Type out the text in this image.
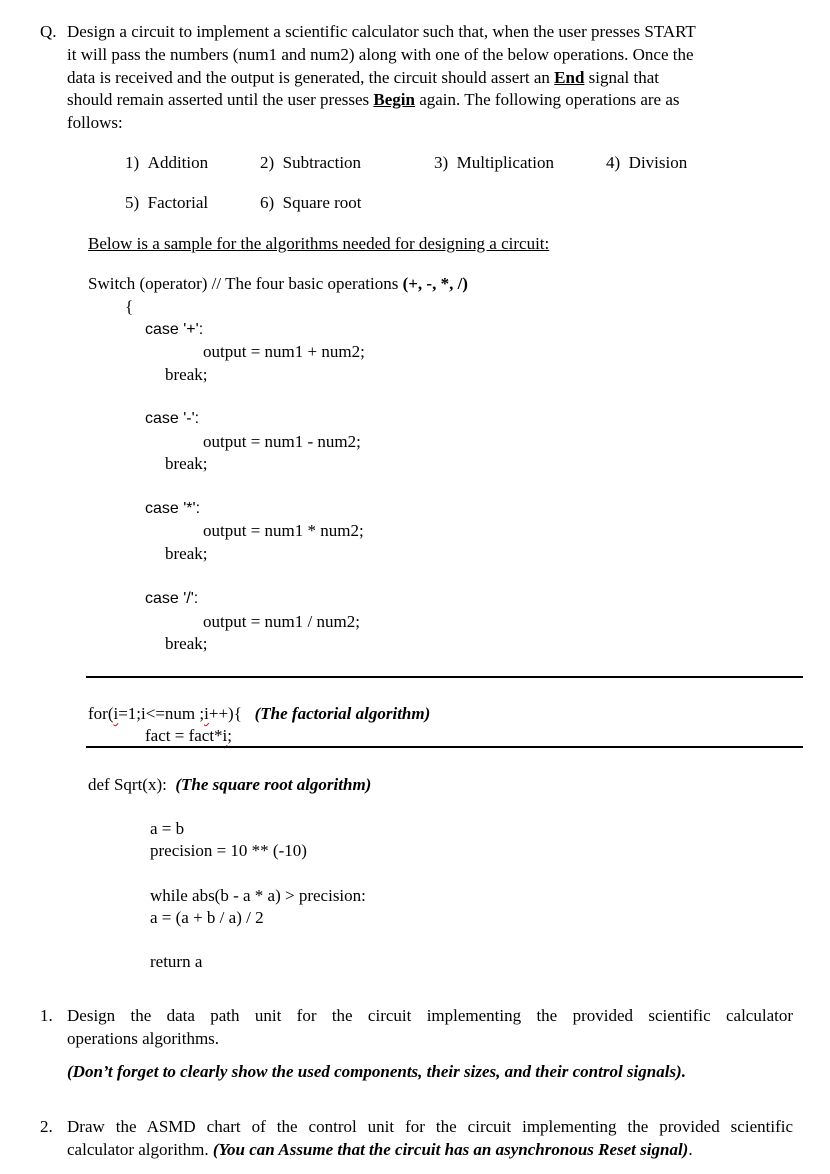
Q. Design a circuit to implement a scientific calculator such that, when the user presses START
it will pass the numbers (num1 and num2) along with one of the below operations. Once the
data is received and the output is generated, the circuit should assert an End signal that
should remain asserted until the user presses Begin again. The following operations are as
follows:
1) Addition	2) Subtraction	3) Multiplication	4) Division
5) Factorial	6) Square root
Below is a sample for the algorithms needed for designing a circuit:
Switch (operator) // The four basic operations (+, -, *, /)
{
case '+':
output = num1 + num2;
break;
case '-':
output = num1 - num2;
break;
case '*':
output = num1 * num2;
break;
case '/':
output = num1 / num2;
break;
for(i=1;i<=num ;i++){ (The factorial algorithm)
fact = fact*i;
def Sqrt(x): (The square root algorithm)
a = b
precision = 10 ** (-10)
while abs(b - a * a) > precision:
a = (a + b / a) / 2
return a
1. Design the data path unit for the circuit implementing the provided scientific calculator
operations algorithms.
(Don’t forget to clearly show the used components, their sizes, and their control signals).
2. Draw the ASMD chart of the control unit for the circuit implementing the provided scientific
calculator algorithm. (You can Assume that the circuit has an asynchronous Reset signal).
